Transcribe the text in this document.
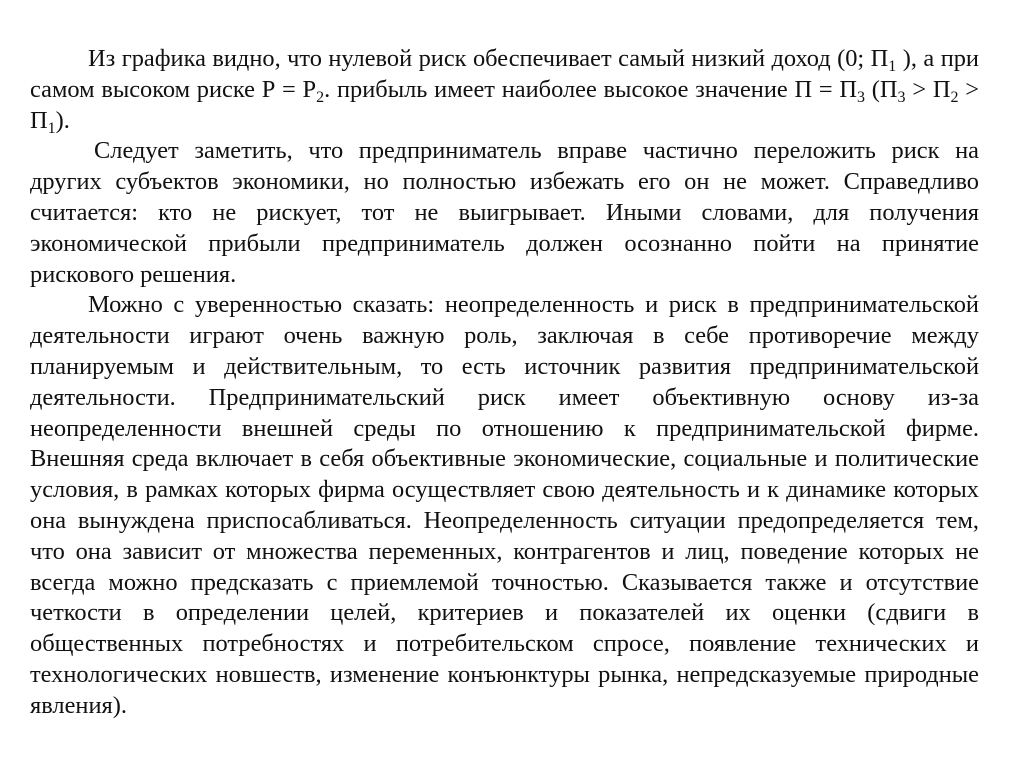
Из графика видно, что нулевой риск обеспечивает самый низкий доход (0; $П_1$ ), а при самом высоком риске $Р = Р_2$. прибыль имеет наиболее высокое значение $П = П_3$ $(П_3 > П_2 > П_1)$.

Следует заметить, что предприниматель вправе частично переложить риск на других субъектов экономики, но полностью избежать его он не может. Справедливо считается: кто не рискует, тот не выигрывает. Иными словами, для получения экономической прибыли предприниматель должен осознанно пойти на принятие рискового решения.

Можно с уверенностью сказать: неопределенность и риск в предпринимательской деятельности играют очень важную роль, заключая в себе противоречие между планируемым и действительным, то есть источник развития предпринимательской деятельности. Предпринимательский риск имеет объективную основу из-за неопределенности внешней среды по отношению к предпринимательской фирме. Внешняя среда включает в себя объективные экономические, социальные и политические условия, в рамках которых фирма осуществляет свою деятельность и к динамике которых она вынуждена приспосабливаться. Неопределенность ситуации предопределяется тем, что она зависит от множества переменных, контрагентов и лиц, поведение которых не всегда можно предсказать с приемлемой точностью. Сказывается также и отсутствие четкости в определении целей, критериев и показателей их оценки (сдвиги в общественных потребностях и потребительском спросе, появление технических и технологических новшеств, изменение конъюнктуры рынка, непредсказуемые природные явления).
